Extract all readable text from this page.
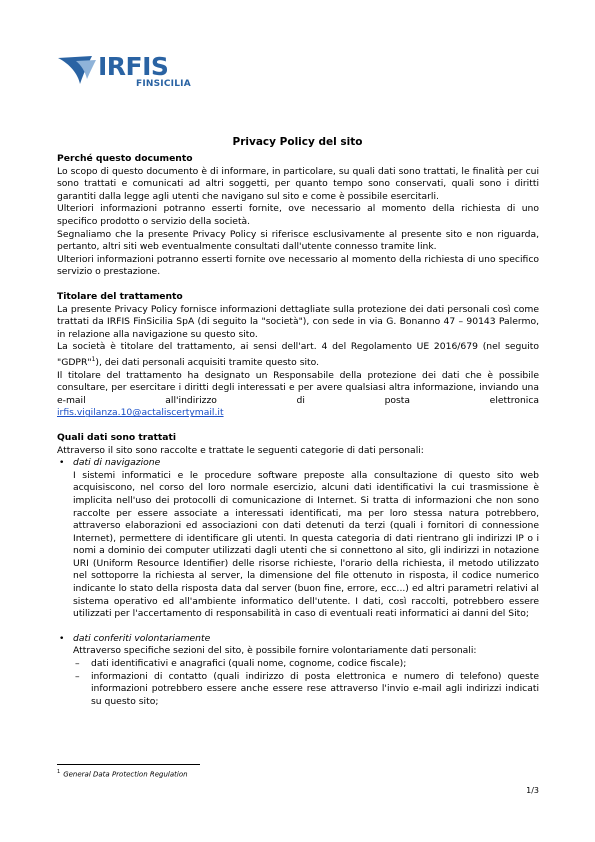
IRFIS
FINSICILIA
Privacy Policy del sito
Perché questo documento

Lo scopo di questo documento è di informare, in particolare, su quali dati sono trattati, le finalità per cui sono trattati e comunicati ad altri soggetti, per quanto tempo sono conservati, quali sono i diritti garantiti dalla legge agli utenti che navigano sul sito e come è possibile esercitarli.

Ulteriori informazioni potranno esserti fornite, ove necessario al momento della richiesta di uno specifico prodotto o servizio della società.

Segnaliamo che la presente Privacy Policy si riferisce esclusivamente al presente sito e non riguarda, pertanto, altri siti web eventualmente consultati dall'utente connesso tramite link.

Ulteriori informazioni potranno esserti fornite ove necessario al momento della richiesta di uno specifico servizio o prestazione.

Titolare del trattamento

La presente Privacy Policy fornisce informazioni dettagliate sulla protezione dei dati personali così come trattati da IRFIS FinSicilia SpA (di seguito la "società"), con sede in via G. Bonanno 47 – 90143 Palermo, in relazione alla navigazione su questo sito.

La società è titolare del trattamento, ai sensi dell'art. 4 del Regolamento UE 2016/679 (nel seguito "GDPR"$^1$), dei dati personali acquisiti tramite questo sito.

Il titolare del trattamento ha designato un Responsabile della protezione dei dati che è possibile consultare, per esercitare i diritti degli interessati e per avere qualsiasi altra informazione, inviando una e-mail all'indirizzo di posta elettronica

irfis.vigilanza.10@actaliscertymail.it

Quali dati sono trattati

Attraverso il sito sono raccolte e trattate le seguenti categorie di dati personali:

• dati di navigazione

I sistemi informatici e le procedure software preposte alla consultazione di questo sito web acquisiscono, nel corso del loro normale esercizio, alcuni dati identificativi la cui trasmissione è implicita nell'uso dei protocolli di comunicazione di Internet. Si tratta di informazioni che non sono raccolte per essere associate a interessati identificati, ma per loro stessa natura potrebbero, attraverso elaborazioni ed associazioni con dati detenuti da terzi (quali i fornitori di connessione Internet), permettere di identificare gli utenti. In questa categoria di dati rientrano gli indirizzi IP o i nomi a dominio dei computer utilizzati dagli utenti che si connettono al sito, gli indirizzi in notazione URI (Uniform Resource Identifier) delle risorse richieste, l'orario della richiesta, il metodo utilizzato nel sottoporre la richiesta al server, la dimensione del file ottenuto in risposta, il codice numerico indicante lo stato della risposta data dal server (buon fine, errore, ecc...) ed altri parametri relativi al sistema operativo ed all'ambiente informatico dell'utente. I dati, così raccolti, potrebbero essere utilizzati per l'accertamento di responsabilità in caso di eventuali reati informatici ai danni del Sito;

• dati conferiti volontariamente

Attraverso specifiche sezioni del sito, è possibile fornire volontariamente dati personali:

– dati identificativi e anagrafici (quali nome, cognome, codice fiscale);
– informazioni di contatto (quali indirizzo di posta elettronica e numero di telefono) queste informazioni potrebbero essere anche essere rese attraverso l'invio e-mail agli indirizzi indicati su questo sito;
$^1$ General Data Protection Regulation
1/3
